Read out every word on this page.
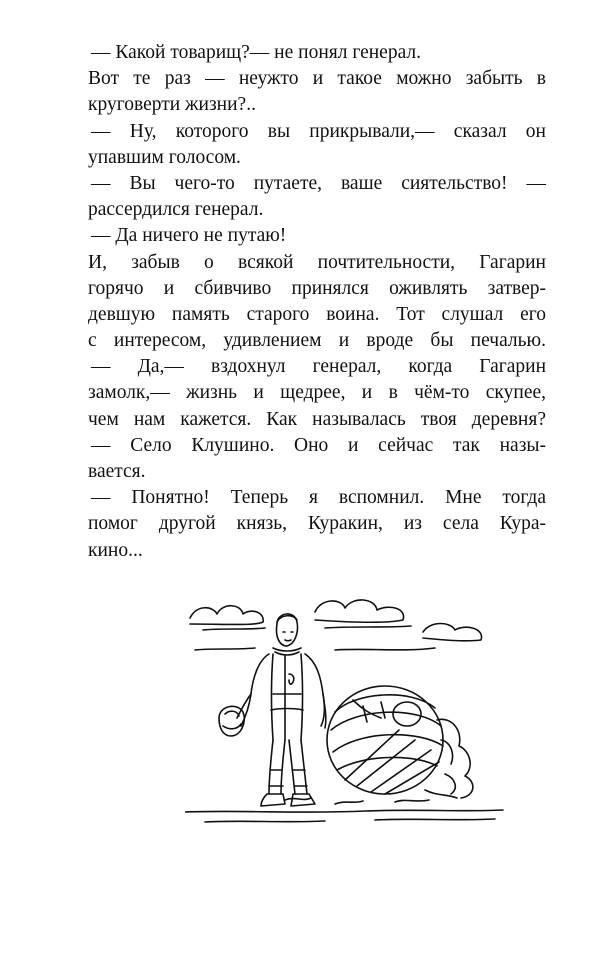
— Какой товарищ?— не понял генерал.
Вот те раз — неужто и такое можно забыть в
круговерти жизни?..
— Ну, которого вы прикрывали,— сказал он
упавшим голосом.
— Вы чего-то путаете, ваше сиятельство! —
рассердился генерал.
— Да ничего не путаю!
И, забыв о всякой почтительности, Гагарин
горячо и сбивчиво принялся оживлять затвер-
девшую память старого воина. Тот слушал его
с интересом, удивлением и вроде бы печалью.
— Да,— вздохнул генерал, когда Гагарин
замолк,— жизнь и щедрее, и в чём-то скупее,
чем нам кажется. Как называлась твоя деревня?
— Село Клушино. Оно и сейчас так назы-
вается.
— Понятно! Теперь я вспомнил. Мне тогда
помог другой князь, Куракин, из села Кура-
кино...
